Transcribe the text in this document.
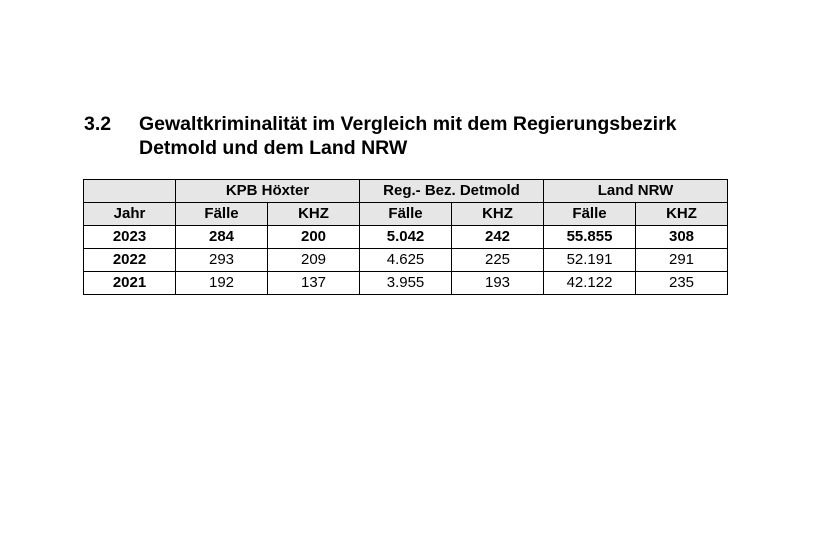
3.2 Gewaltkriminalität im Vergleich mit dem Regierungsbezirk
Detmold und dem Land NRW
	KPB Höxter		Reg.- Bez. Detmold		Land NRW	
Jahr	Fälle	KHZ	Fälle	KHZ	Fälle	KHZ
2023	284	200	5.042	242	55.855	308
2022	293	209	4.625	225	52.191	291
2021	192	137	3.955	193	42.122	235
